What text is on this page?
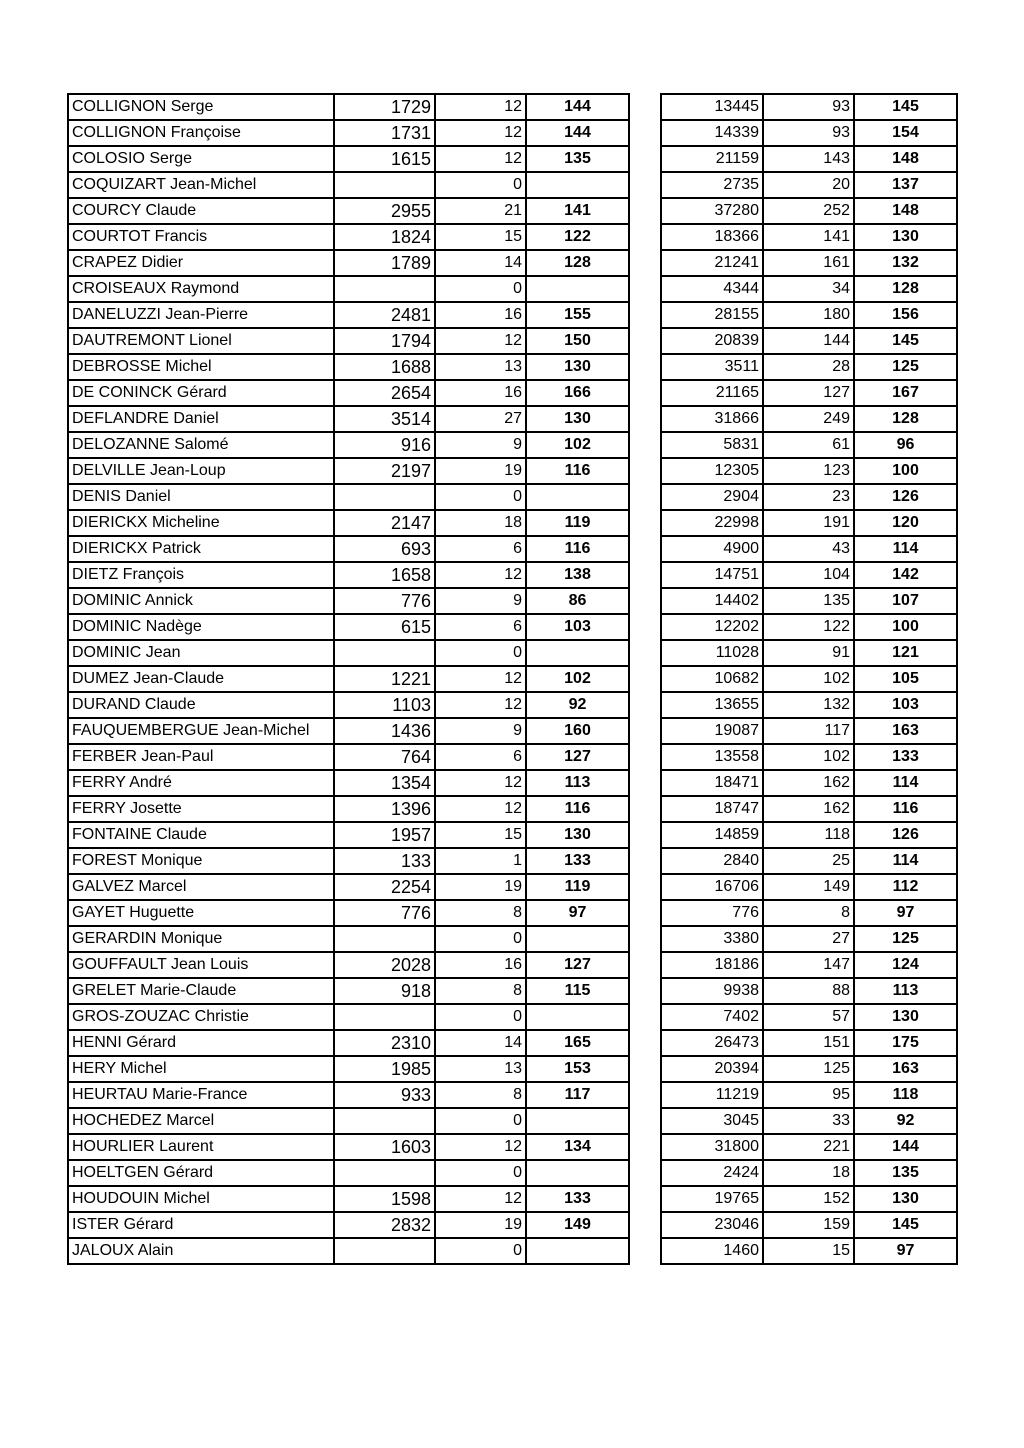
COLLIGNON Serge	1729	12	144
COLLIGNON Françoise	1731	12	144
COLOSIO Serge	1615	12	135
COQUIZART Jean-Michel		0	
COURCY Claude	2955	21	141
COURTOT Francis	1824	15	122
CRAPEZ Didier	1789	14	128
CROISEAUX Raymond		0	
DANELUZZI Jean-Pierre	2481	16	155
DAUTREMONT Lionel	1794	12	150
DEBROSSE Michel	1688	13	130
DE CONINCK Gérard	2654	16	166
DEFLANDRE Daniel	3514	27	130
DELOZANNE Salomé	916	9	102
DELVILLE Jean-Loup	2197	19	116
DENIS Daniel		0	
DIERICKX Micheline	2147	18	119
DIERICKX Patrick	693	6	116
DIETZ François	1658	12	138
DOMINIC Annick	776	9	86
DOMINIC Nadège	615	6	103
DOMINIC Jean		0	
DUMEZ Jean-Claude	1221	12	102
DURAND Claude	1103	12	92
FAUQUEMBERGUE Jean-Michel	1436	9	160
FERBER Jean-Paul	764	6	127
FERRY André	1354	12	113
FERRY Josette	1396	12	116
FONTAINE Claude	1957	15	130
FOREST Monique	133	1	133
GALVEZ Marcel	2254	19	119
GAYET Huguette	776	8	97
GERARDIN Monique		0	
GOUFFAULT Jean Louis	2028	16	127
GRELET Marie-Claude	918	8	115
GROS-ZOUZAC Christie		0	
HENNI Gérard	2310	14	165
HERY Michel	1985	13	153
HEURTAU Marie-France	933	8	117
HOCHEDEZ Marcel		0	
HOURLIER Laurent	1603	12	134
HOELTGEN Gérard		0	
HOUDOUIN Michel	1598	12	133
ISTER Gérard	2832	19	149
JALOUX Alain		0	
13445	93	145
14339	93	154
21159	143	148
2735	20	137
37280	252	148
18366	141	130
21241	161	132
4344	34	128
28155	180	156
20839	144	145
3511	28	125
21165	127	167
31866	249	128
5831	61	96
12305	123	100
2904	23	126
22998	191	120
4900	43	114
14751	104	142
14402	135	107
12202	122	100
11028	91	121
10682	102	105
13655	132	103
19087	117	163
13558	102	133
18471	162	114
18747	162	116
14859	118	126
2840	25	114
16706	149	112
776	8	97
3380	27	125
18186	147	124
9938	88	113
7402	57	130
26473	151	175
20394	125	163
11219	95	118
3045	33	92
31800	221	144
2424	18	135
19765	152	130
23046	159	145
1460	15	97
